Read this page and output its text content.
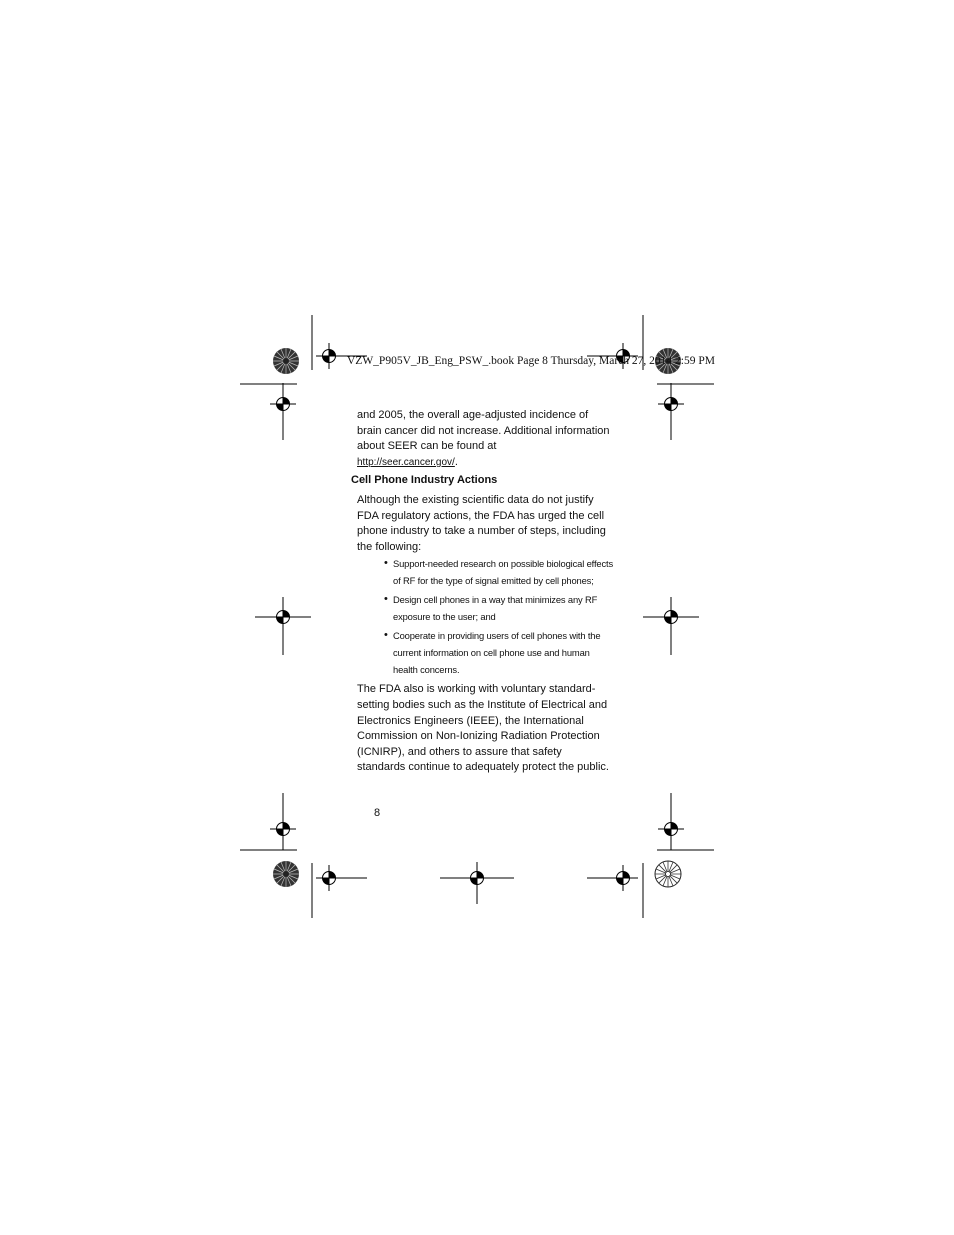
VZW_P905V_JB_Eng_PSW_.book Page 8 Thursday, March 27, 2014 2:59 PM

and 2005, the overall age-adjusted incidence of brain cancer did not increase. Additional information about SEER can be found at
http://seer.cancer.gov/.

Cell Phone Industry Actions

Although the existing scientific data do not justify FDA regulatory actions, the FDA has urged the cell phone industry to take a number of steps, including the following:

• Support-needed research on possible biological effects of RF for the type of signal emitted by cell phones;
• Design cell phones in a way that minimizes any RF exposure to the user; and
• Cooperate in providing users of cell phones with the current information on cell phone use and human health concerns.

The FDA also is working with voluntary standard-setting bodies such as the Institute of Electrical and Electronics Engineers (IEEE), the International Commission on Non-Ionizing Radiation Protection (ICNIRP), and others to assure that safety standards continue to adequately protect the public.

8
